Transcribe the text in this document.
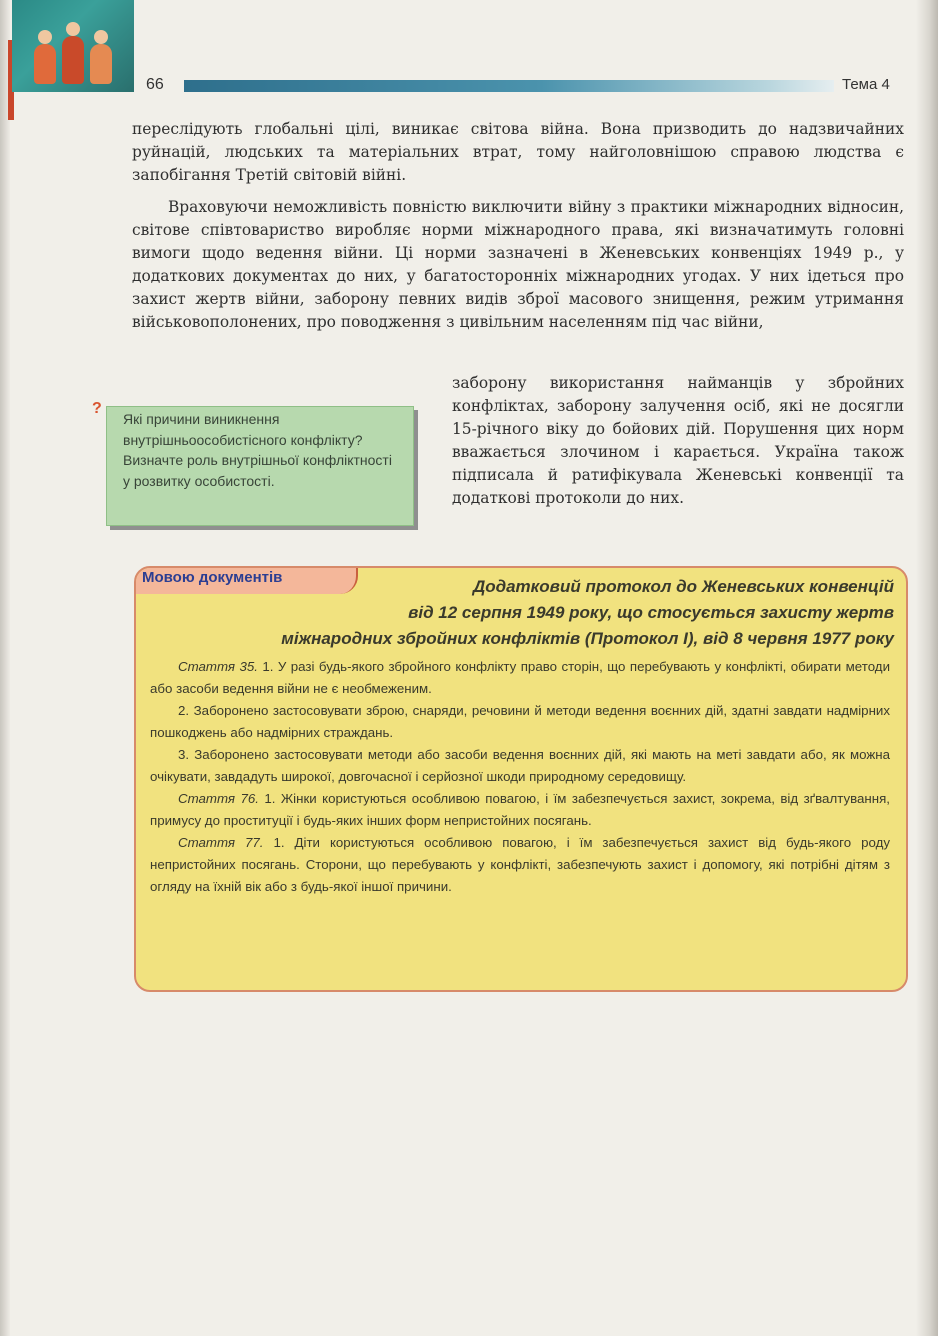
66	Тема 4
переслідують глобальні цілі, виникає світова війна. Вона призводить до надзвичайних руйнацій, людських та матеріальних втрат, тому найголовнішою справою людства є запобігання Третій світовій війні.
Враховуючи неможливість повністю виключити війну з практики міжнародних відносин, світове співтовариство виробляє норми міжнародного права, які визначатимуть головні вимоги щодо ведення війни. Ці норми зазначені в Женевських конвенціях 1949 р., у додаткових документах до них, у багатосторонніх міжнародних угодах. У них ідеться про захист жертв війни, заборону певних видів зброї масового знищення, режим утримання військовополонених, про поводження з цивільним населенням під час війни,
заборону використання найманців у збройних конфліктах, заборону залучення осіб, які не досягли 15-річного віку до бойових дій. Порушення цих норм вважається злочином і карається. Україна також підписала й ратифікувала Женевські конвенції та додаткові протоколи до них.
Які причини виникнення внутрішньоособистісного конфлікту? Визначте роль внутрішньої конфліктності у розвитку особистості.
?
Мовою документів	Додатковий протокол до Женевських конвенцій
від 12 серпня 1949 року, що стосується захисту жертв
міжнародних збройних конфліктів (Протокол І), від 8 червня 1977 року

Стаття 35. 1. У разі будь-якого збройного конфлікту право сторін, що перебувають у конфлікті, обирати методи або засоби ведення війни не є необмеженим.

2. Заборонено застосовувати зброю, снаряди, речовини й методи ведення воєнних дій, здатні завдати надмірних пошкоджень або надмірних страждань.

3. Заборонено застосовувати методи або засоби ведення воєнних дій, які мають на меті завдати або, як можна очікувати, завдадуть широкої, довгочасної і серйозної шкоди природному середовищу.

Стаття 76. 1. Жінки користуються особливою повагою, і їм забезпечується захист, зокрема, від зґвалтування, примусу до проституції і будь-яких інших форм непристойних посягань.

Стаття 77. 1. Діти користуються особливою повагою, і їм забезпечується захист від будь-якого роду непристойних посягань. Сторони, що перебувають у конфлікті, забезпечують захист і допомогу, які потрібні дітям з огляду на їхній вік або з будь-якої іншої причини.
